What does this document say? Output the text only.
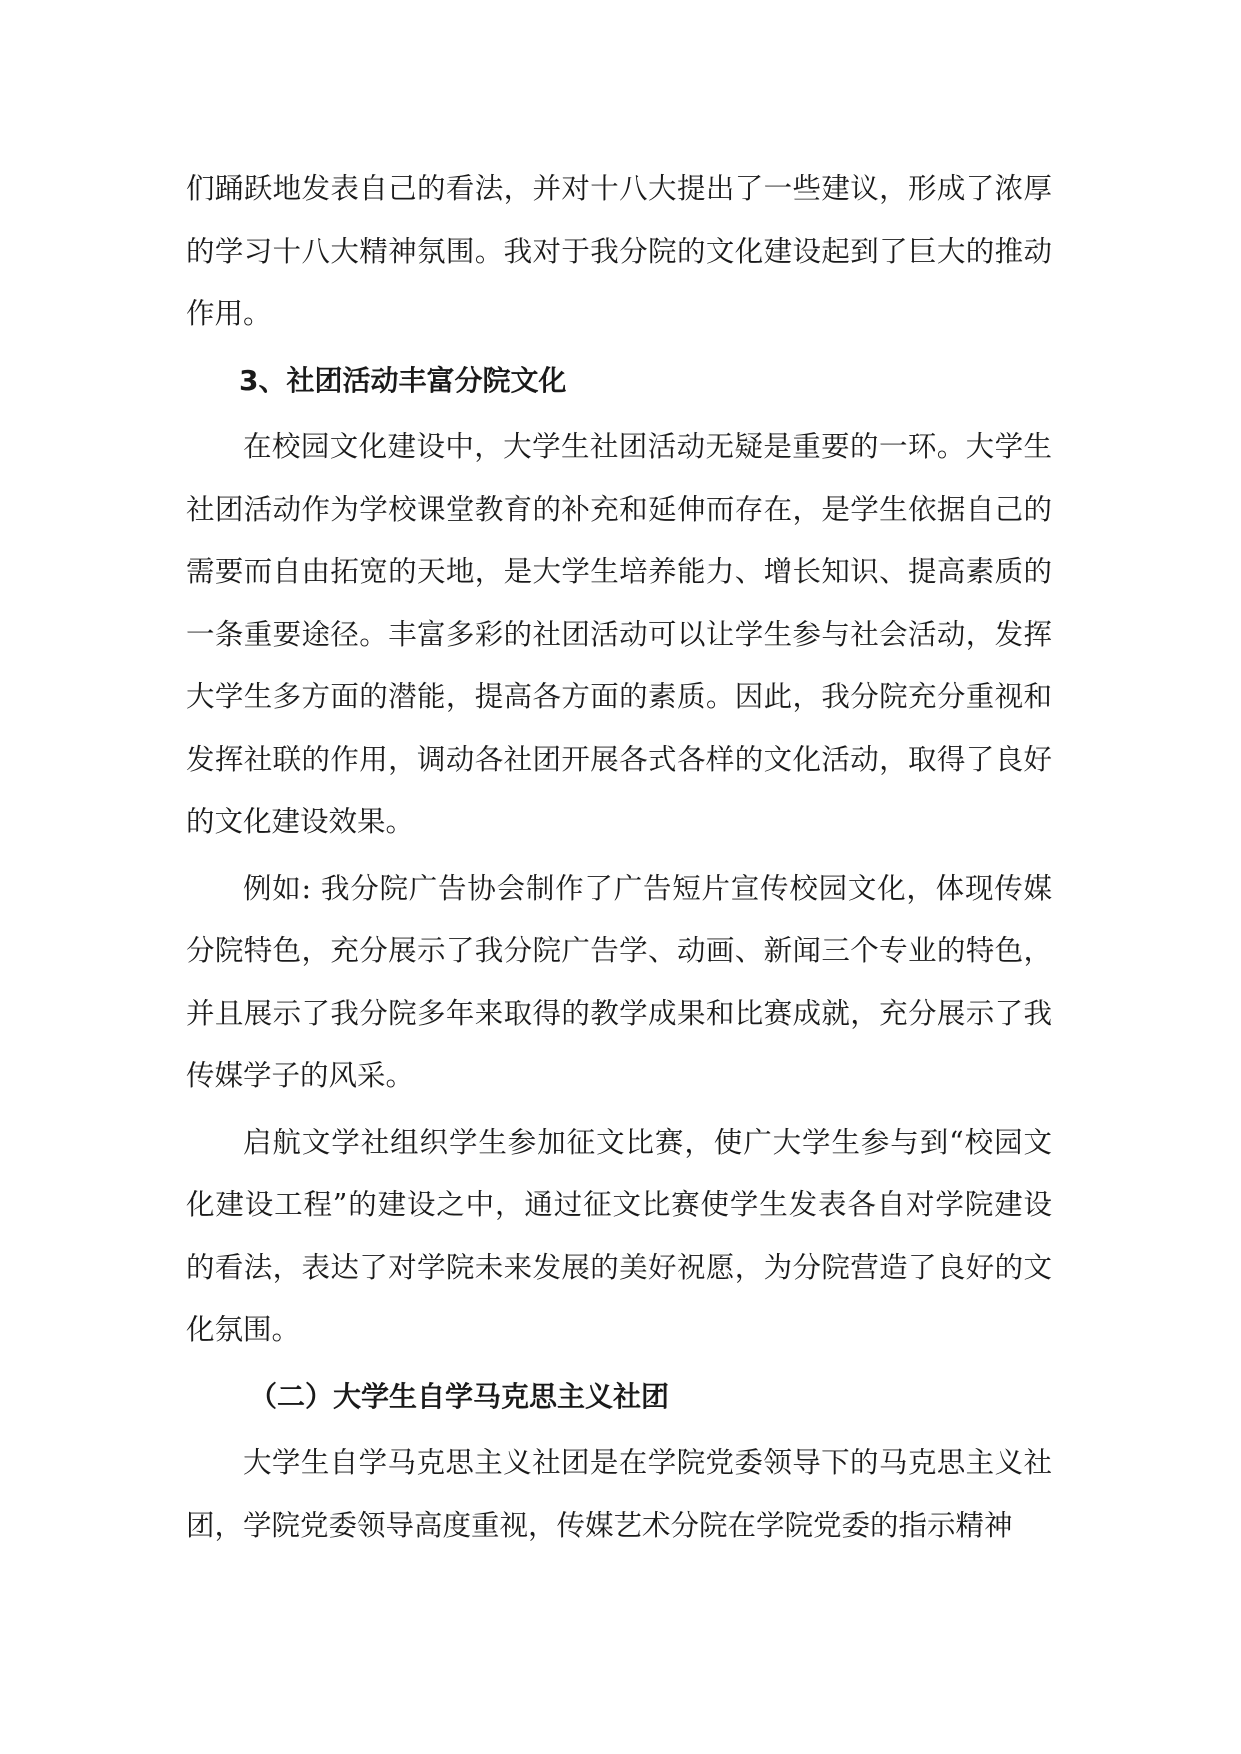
们踊跃地发表自己的看法，并对十八大提出了一些建议，形成了浓厚的学习十八大精神氛围。我对于我分院的文化建设起到了巨大的推动作用。

3、社团活动丰富分院文化

在校园文化建设中，大学生社团活动无疑是重要的一环。大学生社团活动作为学校课堂教育的补充和延伸而存在，是学生依据自己的需要而自由拓宽的天地，是大学生培养能力、增长知识、提高素质的一条重要途径。丰富多彩的社团活动可以让学生参与社会活动，发挥大学生多方面的潜能，提高各方面的素质。因此，我分院充分重视和发挥社联的作用，调动各社团开展各式各样的文化活动，取得了良好的文化建设效果。

例如: 我分院广告协会制作了广告短片宣传校园文化，体现传媒分院特色，充分展示了我分院广告学、动画、新闻三个专业的特色，并且展示了我分院多年来取得的教学成果和比赛成就，充分展示了我传媒学子的风采。

启航文学社组织学生参加征文比赛，使广大学生参与到“校园文化建设工程”的建设之中，通过征文比赛使学生发表各自对学院建设的看法，表达了对学院未来发展的美好祝愿，为分院营造了良好的文化氛围。

（二）大学生自学马克思主义社团

大学生自学马克思主义社团是在学院党委领导下的马克思主义社团，学院党委领导高度重视，传媒艺术分院在学院党委的指示精神
